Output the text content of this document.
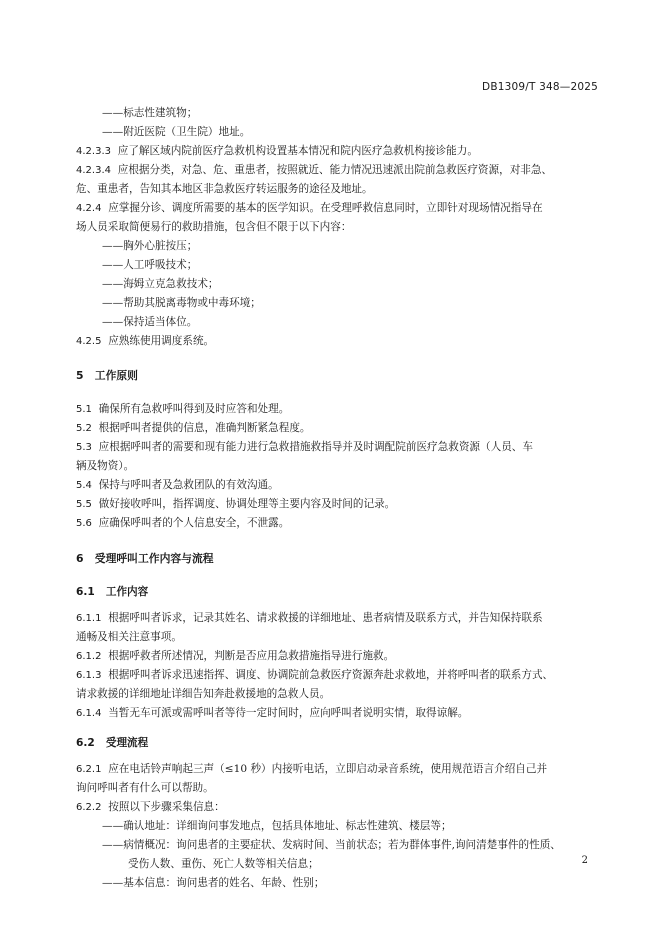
DB1309/T 348—2025
——标志性建筑物；
——附近医院（卫生院）地址。
4.2.3.3 应了解区域内院前医疗急救机构设置基本情况和院内医疗急救机构接诊能力。
4.2.3.4 应根据分类，对急、危、重患者，按照就近、能力情况迅速派出院前急救医疗资源，对非急、
危、重患者，告知其本地区非急救医疗转运服务的途径及地址。
4.2.4 应掌握分诊、调度所需要的基本的医学知识。在受理呼救信息同时，立即针对现场情况指导在
场人员采取简便易行的救助措施，包含但不限于以下内容：
——胸外心脏按压；
——人工呼吸技术；
——海姆立克急救技术；
——帮助其脱离毒物或中毒环境；
——保持适当体位。
4.2.5 应熟练使用调度系统。
5 工作原则
5.1 确保所有急救呼叫得到及时应答和处理。
5.2 根据呼叫者提供的信息，准确判断紧急程度。
5.3 应根据呼叫者的需要和现有能力进行急救措施救指导并及时调配院前医疗急救资源（人员、车
辆及物资）。
5.4 保持与呼叫者及急救团队的有效沟通。
5.5 做好接收呼叫，指挥调度、协调处理等主要内容及时间的记录。
5.6 应确保呼叫者的个人信息安全，不泄露。
6 受理呼叫工作内容与流程
6.1 工作内容
6.1.1 根据呼叫者诉求，记录其姓名、请求救援的详细地址、患者病情及联系方式，并告知保持联系
通畅及相关注意事项。
6.1.2 根据呼救者所述情况，判断是否应用急救措施指导进行施救。
6.1.3 根据呼叫者诉求迅速指挥、调度、协调院前急救医疗资源奔赴求救地，并将呼叫者的联系方式、
请求救援的详细地址详细告知奔赴救援地的急救人员。
6.1.4 当暂无车可派或需呼叫者等待一定时间时，应向呼叫者说明实情，取得谅解。
6.2 受理流程
6.2.1 应在电话铃声响起三声（≤10 秒）内接听电话，立即启动录音系统，使用规范语言介绍自己并
询问呼叫者有什么可以帮助。
6.2.2 按照以下步骤采集信息：
——确认地址：详细询问事发地点，包括具体地址、标志性建筑、楼层等；
——病情概况：询问患者的主要症状、发病时间、当前状态；若为群体事件,询问清楚事件的性质、
受伤人数、重伤、死亡人数等相关信息；
——基本信息：询问患者的姓名、年龄、性别；
2
